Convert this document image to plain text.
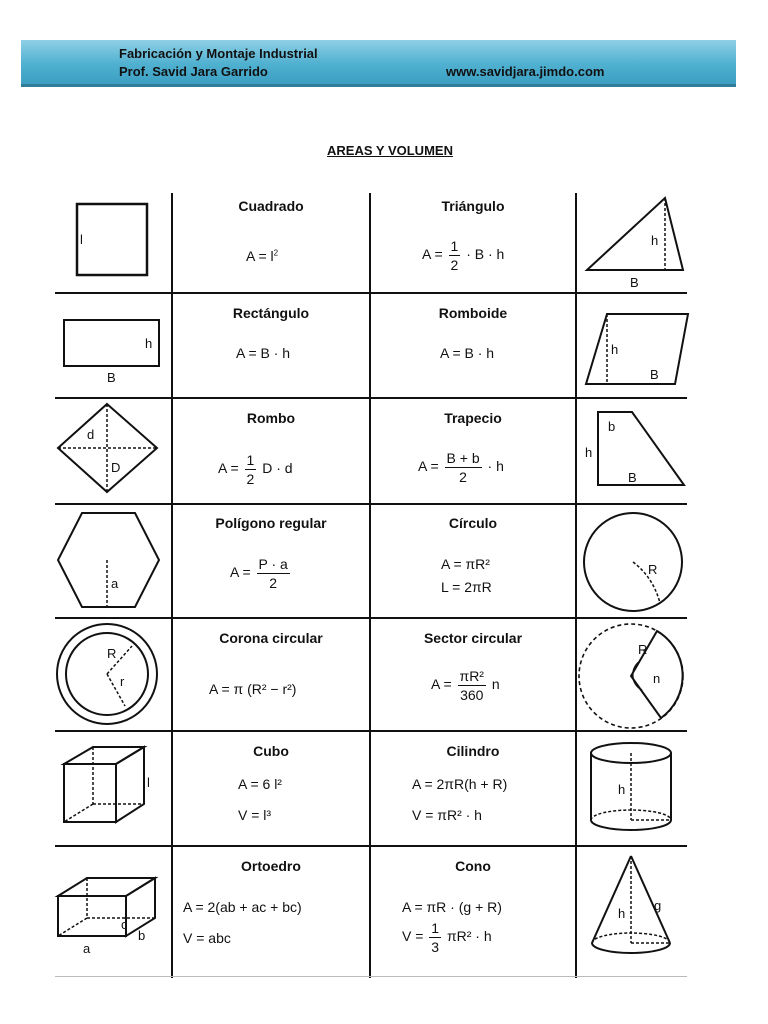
Fabricación y Montaje Industrial
Prof. Savid Jara Garrido	www.savidjara.jimdo.com
AREAS Y VOLUMEN
l
Cuadrado
$A = l^2$
Triángulo
$A = \frac{1}{2} \cdot B \cdot h$
h
B
h
B
Rectángulo
A = B · h
Romboide
A = B · h	h
B
d
D
Rombo
$A = \frac{1}{2}$ D · d
Trapecio
$A = \frac{B + b}{2} \cdot h$
b
h
B
a
Polígono regular
$A = \frac{P \cdot a}{2}$
Círculo
A = πR²
L = 2πR
R
R
r
Corona circular
A = π (R² − r²)
Sector circular
$A = \frac{\text{πR²}}{360}$ n
R
n
l
Cubo
A = 6 l²
V = l³
Cilindro
A = 2πR(h + R)
V = πR² · h
h
c
b
a
Ortoedro
A = 2(ab + ac + bc)
V = abc
Cono
A = πR · (g + R)
$V = \frac{1}{3} \pi R^2 \cdot h$
h
g
